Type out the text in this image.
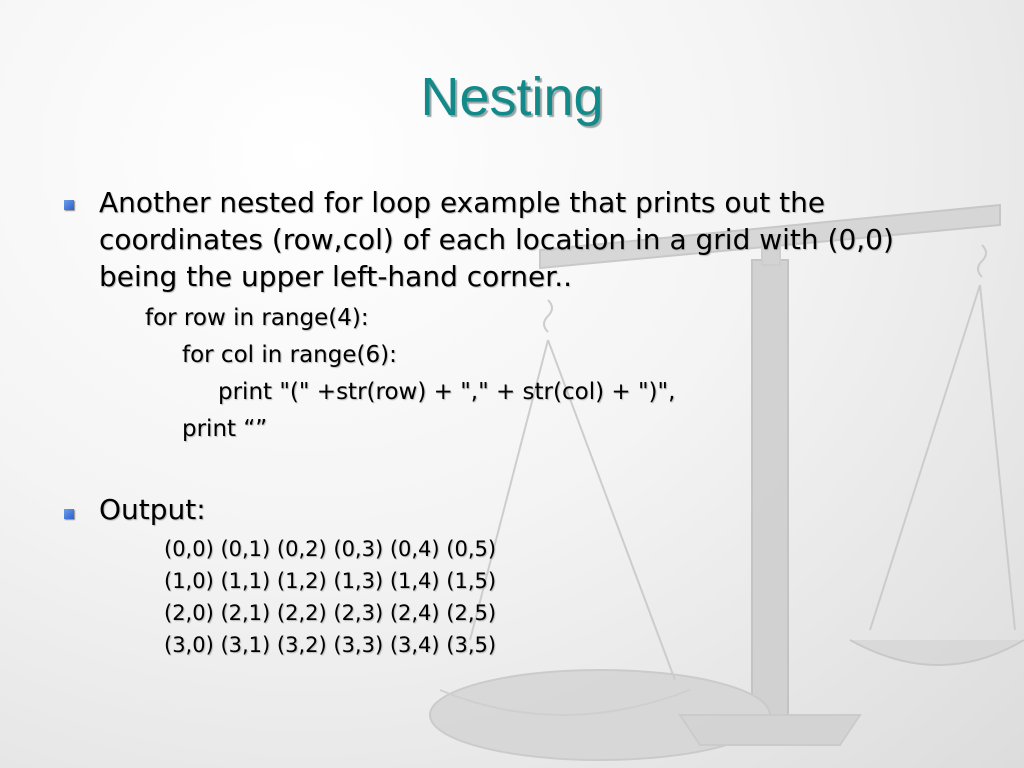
Nesting
Another nested for loop example that prints out the coordinates (row,col) of each location in a grid with (0,0) being the upper left-hand corner..
for row in range(4):
for col in range(6):
print "(" +str(row) + "," + str(col) + ")",
print “”
Output:
(0,0) (0,1) (0,2) (0,3) (0,4) (0,5)
(1,0) (1,1) (1,2) (1,3) (1,4) (1,5)
(2,0) (2,1) (2,2) (2,3) (2,4) (2,5)
(3,0) (3,1) (3,2) (3,3) (3,4) (3,5)
